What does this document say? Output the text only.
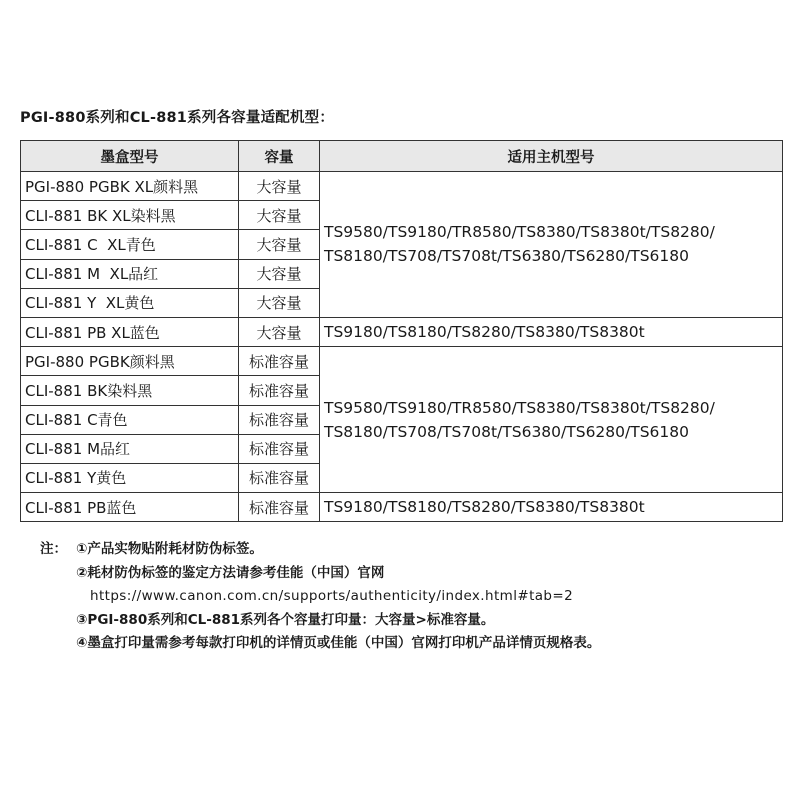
PGI-880系列和CL-881系列各容量适配机型：
墨盒型号	容量	适用主机型号
PGI-880 PGBK XL颜料黑	大容量	TS9580/TS9180/TR8580/TS8380/TS8380t/TS8280/
TS8180/TS708/TS708t/TS6380/TS6280/TS6180

CLI-881 BK XL染料黑	大容量	
CLI-881 C  XL青色	大容量	
CLI-881 M  XL品红	大容量	
CLI-881 Y  XL黄色	大容量	
CLI-881 PB XL蓝色	大容量	TS9180/TS8180/TS8280/TS8380/TS8380t

PGI-880 PGBK颜料黑	标准容量	TS9580/TS9180/TR8580/TS8380/TS8380t/TS8280/
TS8180/TS708/TS708t/TS6380/TS6280/TS6180

CLI-881 BK染料黑	标准容量	
CLI-881 C青色	标准容量	
CLI-881 M品红	标准容量	
CLI-881 Y黄色	标准容量	
CLI-881 PB蓝色	标准容量	TS9180/TS8180/TS8280/TS8380/TS8380t
注： ①产品实物贴附耗材防伪标签。
②耗材防伪标签的鉴定方法请参考佳能（中国）官网
https://www.canon.com.cn/supports/authenticity/index.html#tab=2
③PGI-880系列和CL-881系列各个容量打印量：大容量>标准容量。
④墨盒打印量需参考每款打印机的详情页或佳能（中国）官网打印机产品详情页规格表。
